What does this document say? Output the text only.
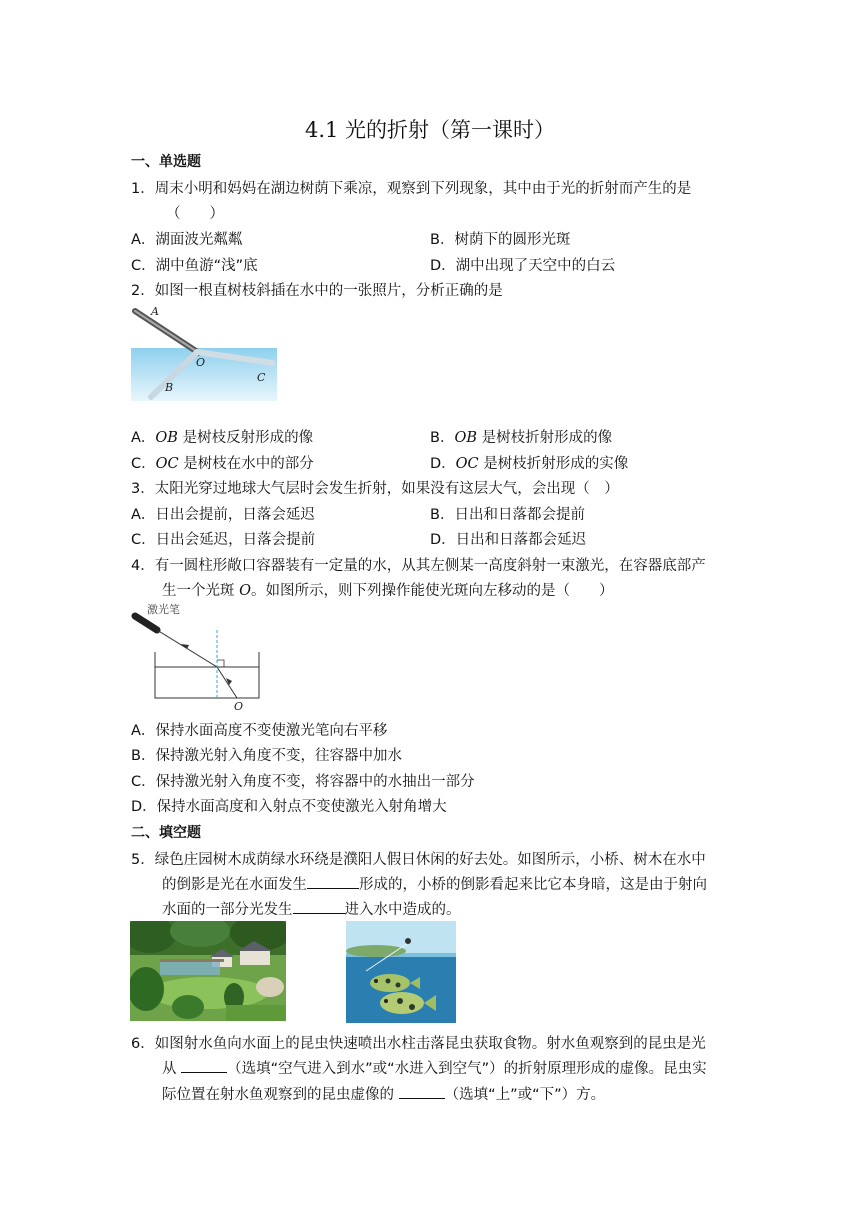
4.1 光的折射（第一课时）
一、单选题
1．周末小明和妈妈在湖边树荫下乘凉，观察到下列现象，其中由于光的折射而产生的是
（　　）
A．湖面波光粼粼	B．树荫下的圆形光斑
C．湖中鱼游“浅”底	D．湖中出现了天空中的白云
2．如图一根直树枝斜插在水中的一张照片，分析正确的是
A
O
B
C
A．OB 是树枝反射形成的像	B．OB 是树枝折射形成的像
C．OC 是树枝在水中的部分	D．OC 是树枝折射形成的实像
3．太阳光穿过地球大气层时会发生折射，如果没有这层大气，会出现（　）
A．日出会提前，日落会延迟	B．日出和日落都会提前
C．日出会延迟，日落会提前	D．日出和日落都会延迟
4．有一圆柱形敞口容器装有一定量的水，从其左侧某一高度斜射一束激光，在容器底部产
生一个光斑 O。如图所示，则下列操作能使光斑向左移动的是（　　）
激光笔
O
A．保持水面高度不变使激光笔向右平移
B．保持激光射入角度不变，往容器中加水
C．保持激光射入角度不变，将容器中的水抽出一部分
D．保持水面高度和入射点不变使激光入射角增大
二、填空题
5．绿色庄园树木成荫绿水环绕是濮阳人假日休闲的好去处。如图所示，小桥、树木在水中
的倒影是光在水面发生	形成的，小桥的倒影看起来比它本身暗，这是由于射向
水面的一部分光发生	进入水中造成的。
6．如图射水鱼向水面上的昆虫快速喷出水柱击落昆虫获取食物。射水鱼观察到的昆虫是光
从	（选填“空气进入到水”或“水进入到空气”）的折射原理形成的虚像。昆虫实
际位置在射水鱼观察到的昆虫虚像的	（选填“上”或“下”）方。
